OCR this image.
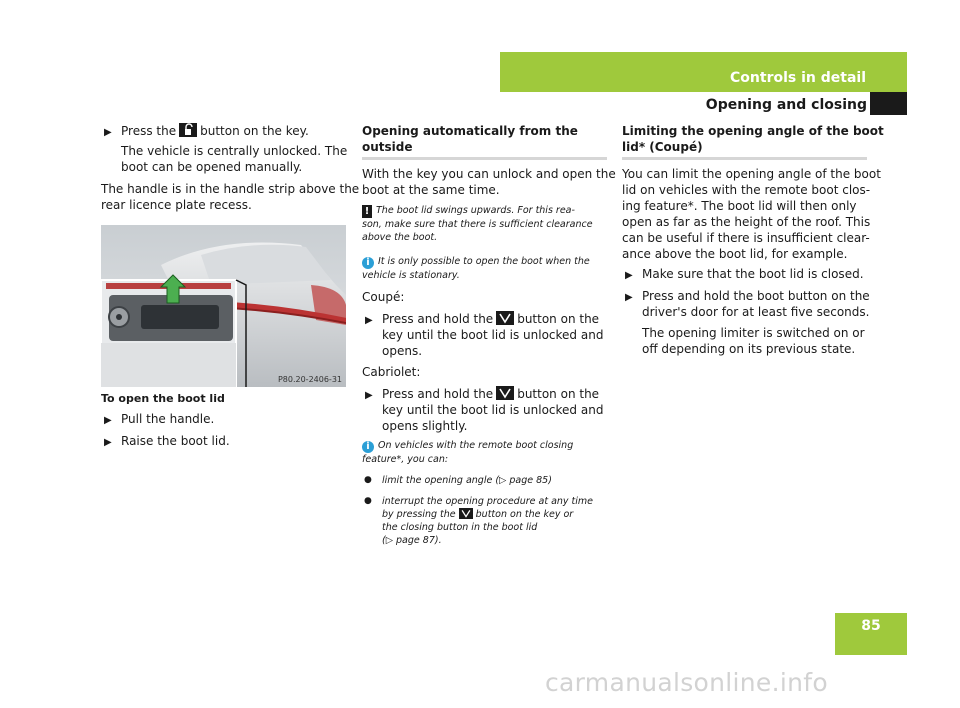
Controls in detail
Opening and closing
▶ Press the button on the key.
The vehicle is centrally unlocked. The
boot can be opened manually.
The handle is in the handle strip above the
rear licence plate recess.
P80.20-2406-31
To open the boot lid
▶ Pull the handle.
▶ Raise the boot lid.
Opening automatically from the
outside
With the key you can unlock and open the
boot at the same time.
! The boot lid swings upwards. For this rea-
son, make sure that there is sufficient clearance
above the boot.
i It is only possible to open the boot when the
vehicle is stationary.
Coupé:
▶ Press and hold the button on the
key until the boot lid is unlocked and
opens.
Cabriolet:
▶ Press and hold the button on the
key until the boot lid is unlocked and
opens slightly.
i On vehicles with the remote boot closing
feature*, you can:
● limit the opening angle (▷ page 85)
● interrupt the opening procedure at any time
by pressing the button on the key or
the closing button in the boot lid
(▷ page 87).
Limiting the opening angle of the boot
lid* (Coupé)
You can limit the opening angle of the boot
lid on vehicles with the remote boot clos-
ing feature*. The boot lid will then only
open as far as the height of the roof. This
can be useful if there is insufficient clear-
ance above the boot lid, for example.
▶ Make sure that the boot lid is closed.
▶ Press and hold the boot button on the
driver's door for at least five seconds.
The opening limiter is switched on or
off depending on its previous state.
85
carmanualsonline.info
